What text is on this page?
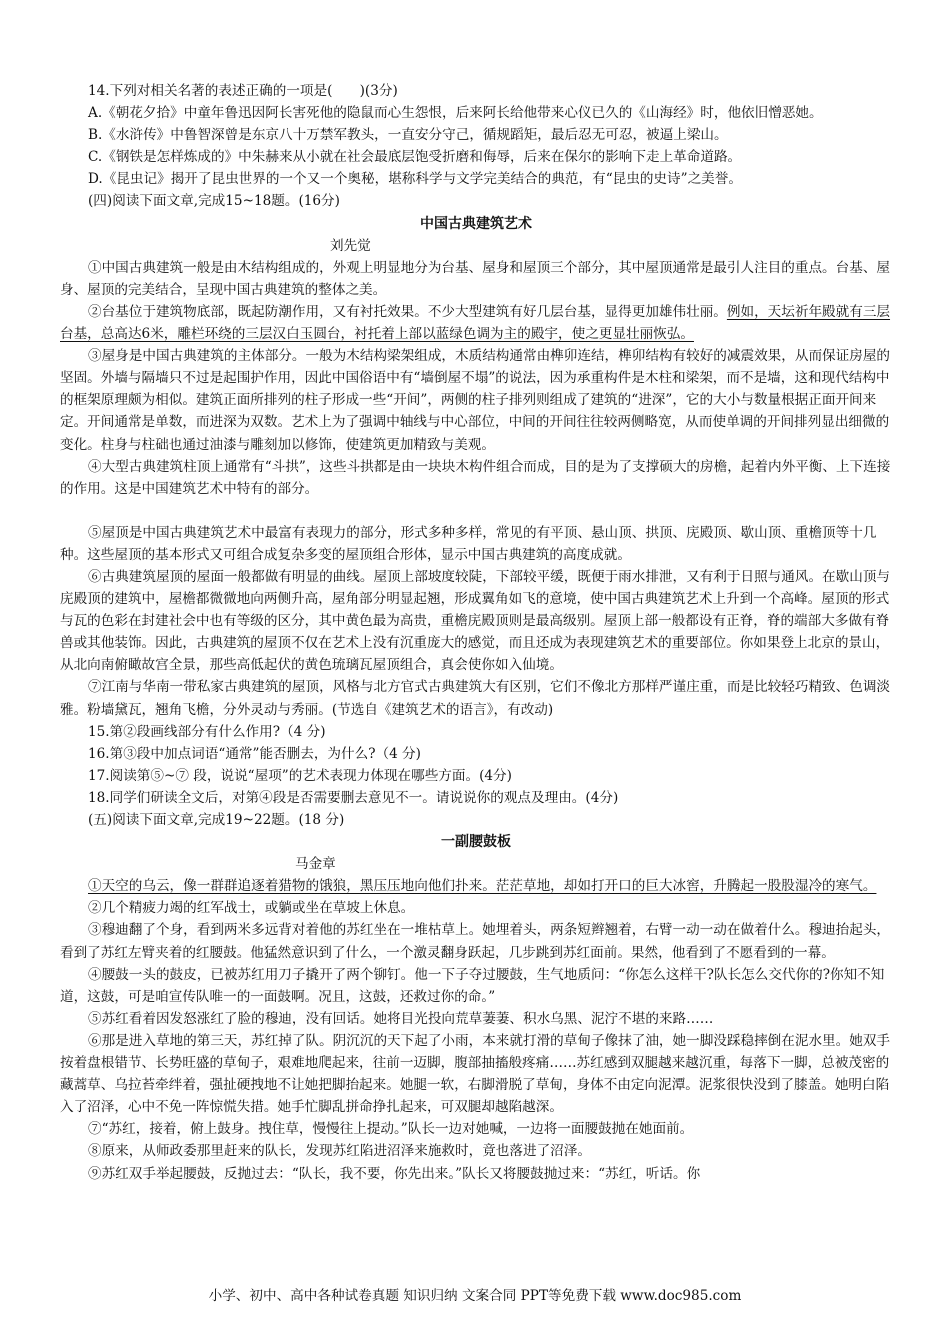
14.下列对相关名著的表述正确的一项是(　　)(3分)

A.《朝花夕拾》中童年鲁迅因阿长害死他的隐鼠而心生怨恨，后来阿长给他带来心仪已久的《山海经》时，他依旧憎恶她。

B.《水浒传》中鲁智深曾是东京八十万禁军教头，一直安分守己，循规蹈矩，最后忍无可忍，被逼上梁山。

C.《钢铁是怎样炼成的》中朱赫来从小就在社会最底层饱受折磨和侮辱，后来在保尔的影响下走上革命道路。

D.《昆虫记》揭开了昆虫世界的一个又一个奥秘，堪称科学与文学完美结合的典范，有“昆虫的史诗”之美誉。

(四)阅读下面文章,完成15~18题。(16分)

中国古典建筑艺术

刘先觉

①中国古典建筑一般是由木结构组成的，外观上明显地分为台基、屋身和屋顶三个部分，其中屋顶通常是最引人注目的重点。台基、屋身、屋顶的完美结合，呈现中国古典建筑的整体之美。

②台基位于建筑物底部，既起防潮作用，又有衬托效果。不少大型建筑有好几层台基，显得更加雄伟壮丽。例如，天坛祈年殿就有三层台基，总高达6米，雕栏环绕的三层汉白玉圆台，衬托着上部以蓝绿色调为主的殿宇，使之更显壮丽恢弘。

③屋身是中国古典建筑的主体部分。一般为木结构梁架组成，木质结构通常由榫卯连结，榫卯结构有较好的减震效果，从而保证房屋的坚固。外墙与隔墙只不过是起围护作用，因此中国俗语中有“墙倒屋不塌”的说法，因为承重构件是木柱和梁架，而不是墙，这和现代结构中的框架原理颇为相似。建筑正面所排列的柱子形成一些“开间”，两侧的柱子排列则组成了建筑的“进深”，它的大小与数量根据正面开间来定。开间通常是单数，而进深为双数。艺术上为了强调中轴线与中心部位，中间的开间往往较两侧略宽，从而使单调的开间排列显出细微的变化。柱身与柱础也通过油漆与雕刻加以修饰，使建筑更加精致与美观。

④大型古典建筑柱顶上通常有“斗拱”，这些斗拱都是由一块块木构件组合而成，目的是为了支撑硕大的房檐，起着内外平衡、上下连接的作用。这是中国建筑艺术中特有的部分。

⑤屋顶是中国古典建筑艺术中最富有表现力的部分，形式多种多样，常见的有平顶、悬山顶、拱顶、庑殿顶、歇山顶、重檐顶等十几种。这些屋顶的基本形式又可组合成复杂多变的屋顶组合形体，显示中国古典建筑的高度成就。

⑥古典建筑屋顶的屋面一般都做有明显的曲线。屋顶上部坡度较陡，下部较平缓，既便于雨水排泄，又有利于日照与通风。在歇山顶与庑殿顶的建筑中，屋檐都微微地向两侧升高，屋角部分明显起翘，形成翼角如飞的意境，使中国古典建筑艺术上升到一个高峰。屋顶的形式与瓦的色彩在封建社会中也有等级的区分，其中黄色最为高贵，重檐庑殿顶则是最高级别。屋顶上部一般都设有正脊，脊的端部大多做有脊兽或其他装饰。因此，古典建筑的屋顶不仅在艺术上没有沉重庞大的感觉，而且还成为表现建筑艺术的重要部位。你如果登上北京的景山，从北向南俯瞰故宫全景，那些高低起伏的黄色琉璃瓦屋顶组合，真会使你如入仙境。

⑦江南与华南一带私家古典建筑的屋顶，风格与北方官式古典建筑大有区别，它们不像北方那样严谨庄重，而是比较轻巧精致、色调淡雅。粉墙黛瓦，翘角飞檐，分外灵动与秀丽。(节选自《建筑艺术的语言》，有改动)

15.第②段画线部分有什么作用?（4 分)

16.第③段中加点词语“通常”能否删去，为什么?（4 分)

17.阅读第⑤~⑦ 段，说说“屋项”的艺术表现力体现在哪些方面。(4分)

18.同学们研读全文后，对第④段是否需要删去意见不一。请说说你的观点及理由。(4分)

(五)阅读下面文章,完成19~22题。(18 分)

一副腰鼓板

马金章

①天空的乌云，像一群群追逐着猎物的饿狼，黑压压地向他们扑来。茫茫草地，却如打开口的巨大冰窖，升腾起一股股湿冷的寒气。

②几个精疲力竭的红军战士，或躺或坐在草坡上休息。

③穆迪翻了个身，看到两米多远背对着他的苏红坐在一堆枯草上。她埋着头，两条短辫翘着，右臂一动一动在做着什么。穆迪抬起头，看到了苏红左臂夹着的红腰鼓。他猛然意识到了什么，一个激灵翻身跃起，几步跳到苏红面前。果然，他看到了不愿看到的一幕。

④腰鼓一头的鼓皮，已被苏红用刀子撬开了两个铆钉。他一下子夺过腰鼓，生气地质问：“你怎么这样干?队长怎么交代你的?你知不知道，这鼓，可是咱宣传队唯一的一面鼓啊。况且，这鼓，还救过你的命。”

⑤苏红看着因发怒涨红了脸的穆迪，没有回话。她将目光投向荒草萋萋、积水乌黑、泥泞不堪的来路……

⑥那是进入草地的第三天，苏红掉了队。阴沉沉的天下起了小雨，本来就打滑的草甸子像抹了油，她一脚没踩稳摔倒在泥水里。她双手按着盘根错节、长势旺盛的草甸子，艰难地爬起来，往前一迈脚，腹部抽搐般疼痛……苏红感到双腿越来越沉重，每落下一脚，总被茂密的藏蒿草、乌拉苔牵绊着，强扯硬拽地不让她把脚抬起来。她腿一软，右脚滑脱了草甸，身体不由定向泥潭。泥浆很快没到了膝盖。她明白陷入了沼泽，心中不免一阵惊慌失措。她手忙脚乱拼命挣扎起来，可双腿却越陷越深。

⑦“苏红，接着，俯上鼓身。拽住草，慢慢往上提动。”队长一边对她喊，一边将一面腰鼓抛在她面前。

⑧原来，从师政委那里赶来的队长，发现苏红陷进沼泽来施救时，竟也落进了沼泽。

⑨苏红双手举起腰鼓，反抛过去：“队长，我不要，你先出来。”队长又将腰鼓抛过来：“苏红，听话。你

小学、初中、高中各种试卷真题 知识归纳 文案合同 PPT等免费下载 www.doc985.com
